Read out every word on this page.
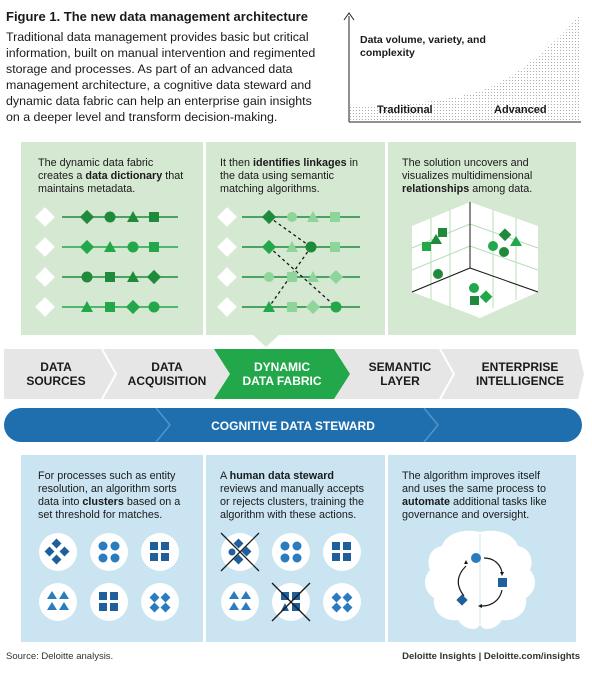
Figure 1. The new data management architecture
Traditional data management provides basic but critical information, built on manual intervention and regimented storage and processes. As part of an advanced data management architecture, a cognitive data steward and dynamic data fabric can help an enterprise gain insights on a deeper level and transform decision-making.
Data volume, variety, and complexity
Traditional	Advanced
The dynamic data fabric creates a data dictionary that maintains metadata.
It then identifies linkages in the data using semantic matching algorithms.
The solution uncovers and visualizes multidimensional relationships among data.
DATA
SOURCES
DATA
ACQUISITION
DYNAMIC
DATA FABRIC
SEMANTIC
LAYER
ENTERPRISE
INTELLIGENCE
COGNITIVE DATA STEWARD
For processes such as entity resolution, an algorithm sorts data into clusters based on a set threshold for matches.
A human data steward reviews and manually accepts or rejects clusters, training the algorithm with these actions.
The algorithm improves itself and uses the same process to automate additional tasks like governance and oversight.
Source: Deloitte analysis.	Deloitte Insights | Deloitte.com/insights
